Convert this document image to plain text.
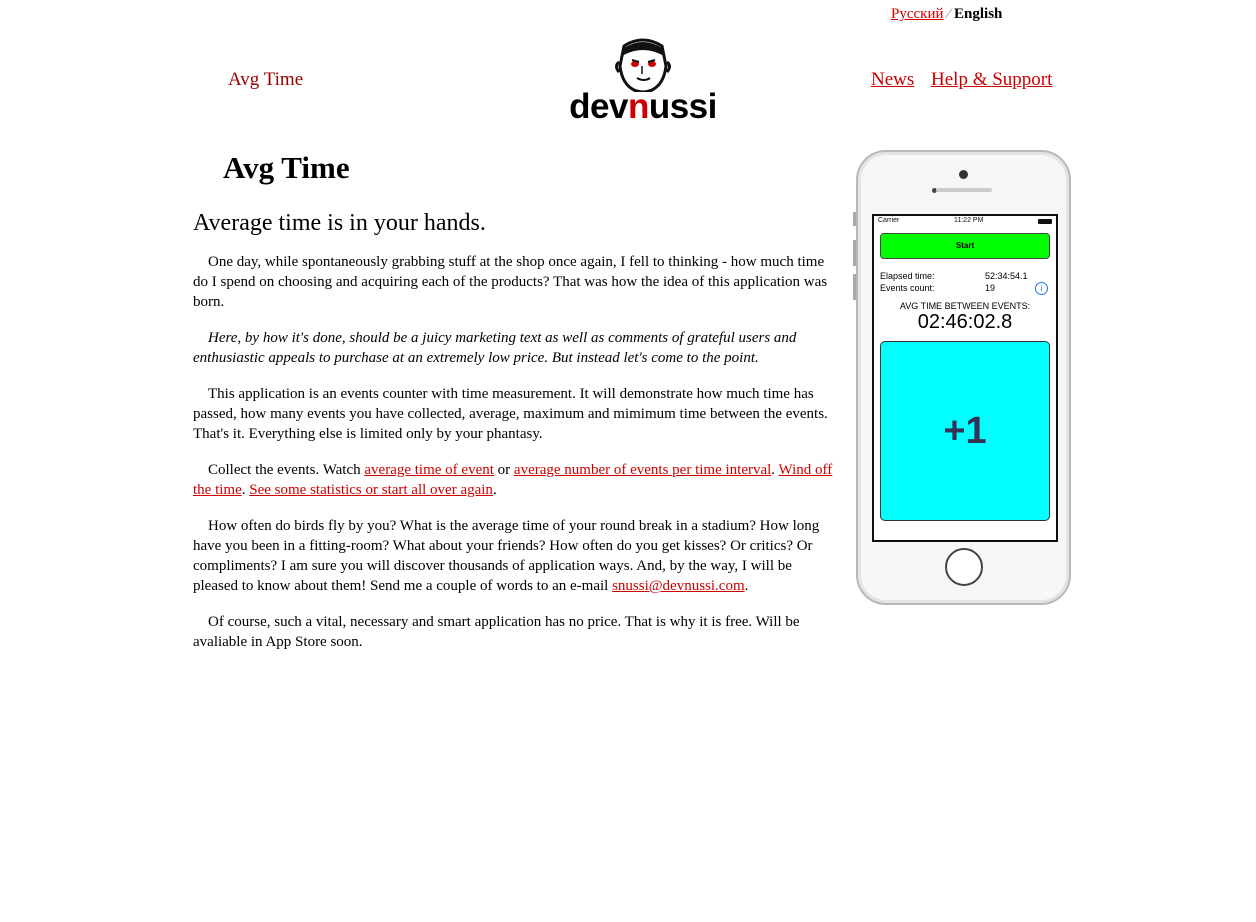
Русский ⁄ English
Avg Time
devnussi
News Help & Support
Avg Time
Average time is in your hands.

One day, while spontaneously grabbing stuff at the shop once again, I fell to thinking - how much time do I spend on choosing and acquiring each of the products? That was how the idea of this application was born.

Here, by how it's done, should be a juicy marketing text as well as comments of grateful users and enthusiastic appeals to purchase at an extremely low price. But instead let's come to the point.

This application is an events counter with time measurement. It will demonstrate how much time has passed, how many events you have collected, average, maximum and mimimum time between the events. That's it. Everything else is limited only by your phantasy.

Collect the events. Watch average time of event or average number of events per time interval. Wind off the time. See some statistics or start all over again.

How often do birds fly by you? What is the average time of your round break in a stadium? How long have you been in a fitting-room? What about your friends? How often do you get kisses? Or critics? Or compliments? I am sure you will discover thousands of application ways. And, by the way, I will be pleased to know about them! Send me a couple of words to an e-mail snussi@devnussi.com.

Of course, such a vital, necessary and smart application has no price. That is why it is free. Will be avaliable in App Store soon.

Carrier	11:22 PM
Start
Elapsed time:	52:34:54.1
Events count:	19	i
AVG TIME BETWEEN EVENTS:
02:46:02.8
+1
